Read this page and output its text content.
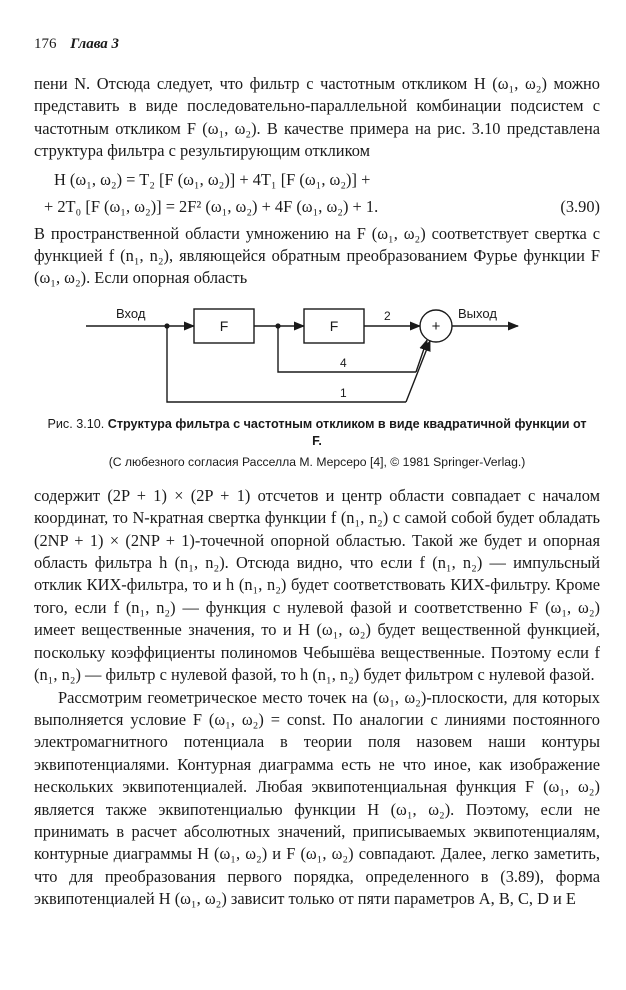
176 Глава 3

пени N. Отсюда следует, что фильтр с частотным откликом H (ω₁, ω₂) можно представить в виде последовательно-параллельной комбинации подсистем с частотным откликом F (ω₁, ω₂). В качестве примера на рис. 3.10 представлена структура фильтра с результирующим откликом

H (ω₁, ω₂) = T₂ [F (ω₁, ω₂)] + 4T₁ [F (ω₁, ω₂)] +
+ 2T₀ [F (ω₁, ω₂)] = 2F² (ω₁, ω₂) + 4F (ω₁, ω₂) + 1.	(3.90)

В пространственной области умножению на F (ω₁, ω₂) соответствует свертка с функцией f (n₁, n₂), являющейся обратным преобразованием Фурье функции F (ω₁, ω₂). Если опорная область

Вход	Выход
F	F	+
2
4
1
Рис. 3.10. Структура фильтра с частотным откликом в виде квадратичной функции от F.
(С любезного согласия Расселла М. Мерсеро [4], © 1981 Springer-Verlag.)

содержит (2P + 1) × (2P + 1) отсчетов и центр области совпадает с началом координат, то N-кратная свертка функции f (n₁, n₂) с самой собой будет обладать (2NP + 1) × (2NP + 1)-точечной опорной областью. Такой же будет и опорная область фильтра h (n₁, n₂). Отсюда видно, что если f (n₁, n₂) — импульсный отклик КИХ-фильтра, то и h (n₁, n₂) будет соответствовать КИХ-фильтру. Кроме того, если f (n₁, n₂) — функция с нулевой фазой и соответственно F (ω₁, ω₂) имеет вещественные значения, то и H (ω₁, ω₂) будет вещественной функцией, поскольку коэффициенты полиномов Чебышёва вещественные. Поэтому если f (n₁, n₂) — фильтр с нулевой фазой, то h (n₁, n₂) будет фильтром с нулевой фазой.

Рассмотрим геометрическое место точек на (ω₁, ω₂)-плоскости, для которых выполняется условие F (ω₁, ω₂) = const. По аналогии с линиями постоянного электромагнитного потенциала в теории поля назовем наши контуры эквипотенциалями. Контурная диаграмма есть не что иное, как изображение нескольких эквипотенциалей. Любая эквипотенциальная функция F (ω₁, ω₂) является также эквипотенциалью функции H (ω₁, ω₂). Поэтому, если не принимать в расчет абсолютных значений, приписываемых эквипотенциалям, контурные диаграммы H (ω₁, ω₂) и F (ω₁, ω₂) совпадают. Далее, легко заметить, что для преобразования первого порядка, определенного в (3.89), форма эквипотенциалей H (ω₁, ω₂) зависит только от пяти параметров A, B, C, D и E
